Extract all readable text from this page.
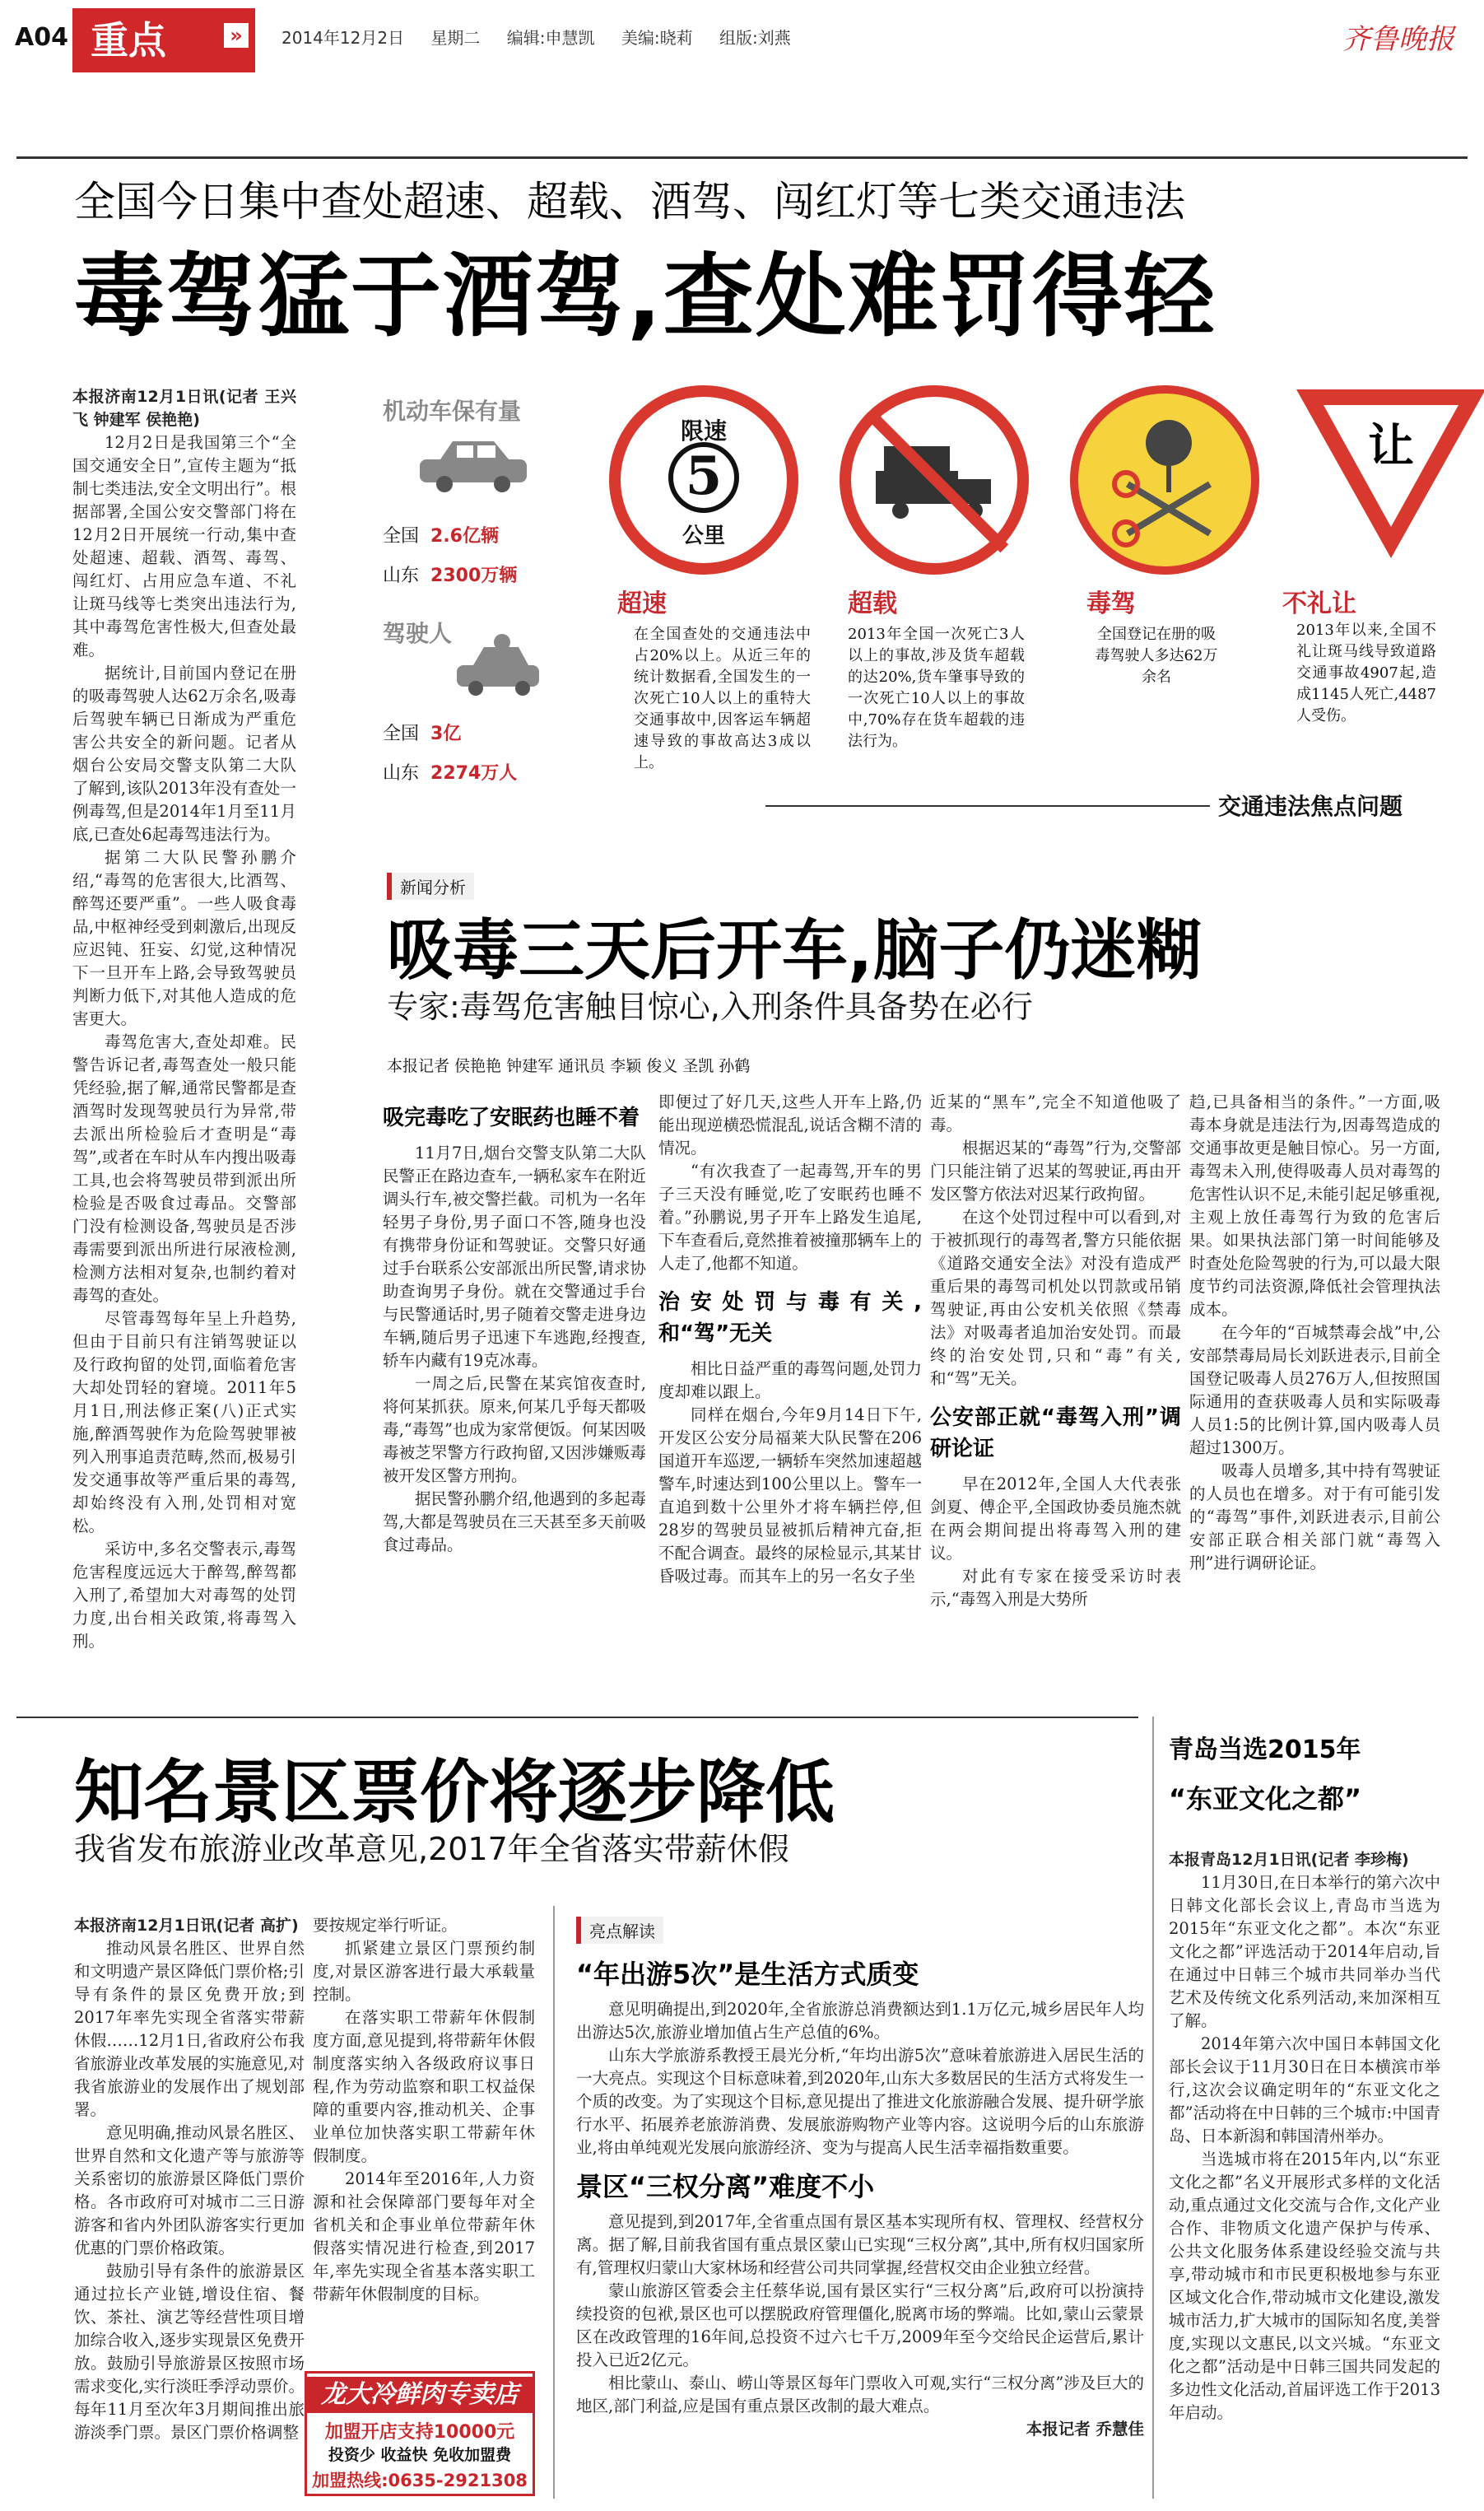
A04 重点	»	2014年12月2日 星期二 编辑:申慧凯 美编:晓莉 组版:刘燕	齐鲁晚报
全国今日集中查处超速、超载、酒驾、闯红灯等七类交通违法
毒驾猛于酒驾,查处难罚得轻
本报济南12月1日讯(记者 王兴飞 钟建军 侯艳艳)

12月2日是我国第三个“全国交通安全日”,宣传主题为“抵制七类违法,安全文明出行”。根据部署,全国公安交警部门将在12月2日开展统一行动,集中查处超速、超载、酒驾、毒驾、闯红灯、占用应急车道、不礼让斑马线等七类突出违法行为,其中毒驾危害性极大,但查处最难。

据统计,目前国内登记在册的吸毒驾驶人达62万余名,吸毒后驾驶车辆已日渐成为严重危害公共安全的新问题。记者从烟台公安局交警支队第二大队了解到,该队2013年没有查处一例毒驾,但是2014年1月至11月底,已查处6起毒驾违法行为。

据第二大队民警孙鹏介绍,“毒驾的危害很大,比酒驾、醉驾还要严重”。一些人吸食毒品,中枢神经受到刺激后,出现反应迟钝、狂妄、幻觉,这种情况下一旦开车上路,会导致驾驶员判断力低下,对其他人造成的危害更大。

毒驾危害大,查处却难。民警告诉记者,毒驾查处一般只能凭经验,据了解,通常民警都是查酒驾时发现驾驶员行为异常,带去派出所检验后才查明是“毒驾”,或者在车时从车内搜出吸毒工具,也会将驾驶员带到派出所检验是否吸食过毒品。交警部门没有检测设备,驾驶员是否涉毒需要到派出所进行尿液检测,检测方法相对复杂,也制约着对毒驾的查处。

尽管毒驾每年呈上升趋势,但由于目前只有注销驾驶证以及行政拘留的处罚,面临着危害大却处罚轻的窘境。2011年5月1日,刑法修正案(八)正式实施,醉酒驾驶作为危险驾驶罪被列入刑事追责范畴,然而,极易引发交通事故等严重后果的毒驾,却始终没有入刑,处罚相对宽松。

采访中,多名交警表示,毒驾危害程度远远大于醉驾,醉驾都入刑了,希望加大对毒驾的处罚力度,出台相关政策,将毒驾入刑。

机动车保有量
全国 2.6亿辆
山东 2300万辆
驾驶人
全国 3亿
山东 2274万人
限速
5
公里
超速
在全国查处的交通违法中占20%以上。从近三年的统计数据看,全国发生的一次死亡10人以上的重特大交通事故中,因客运车辆超速导致的事故高达3成以上。
超载
2013年全国一次死亡3人以上的事故,涉及货车超载的达20%,货车肇事导致的一次死亡10人以上的事故中,70%存在货车超载的违法行为。
毒驾
全国登记在册的吸毒驾驶人多达62万余名
让
不礼让
2013年以来,全国不礼让斑马线导致道路交通事故4907起,造成1145人死亡,4487人受伤。
交通违法焦点问题
新闻分析
吸毒三天后开车,脑子仍迷糊
专家:毒驾危害触目惊心,入刑条件具备势在必行
本报记者 侯艳艳 钟建军 通讯员 李颖 俊义 圣凯 孙鹤
吸完毒吃了安眠药也睡不着

11月7日,烟台交警支队第二大队民警正在路边查车,一辆私家车在附近调头行车,被交警拦截。司机为一名年轻男子身份,男子面口不答,随身也没有携带身份证和驾驶证。交警只好通过手台联系公安部派出所民警,请求协助查询男子身份。就在交警通过手台与民警通话时,男子随着交警走进身边车辆,随后男子迅速下车逃跑,经搜查,轿车内藏有19克冰毒。

一周之后,民警在某宾馆夜查时,将何某抓获。原来,何某几乎每天都吸毒,“毒驾”也成为家常便饭。何某因吸毒被芝罘警方行政拘留,又因涉嫌贩毒被开发区警方刑拘。

据民警孙鹏介绍,他遇到的多起毒驾,大都是驾驶员在三天甚至多天前吸食过毒品。

即便过了好几天,这些人开车上路,仍能出现逆横恐慌混乱,说话含糊不清的情况。

“有次我查了一起毒驾,开车的男子三天没有睡觉,吃了安眠药也睡不着。”孙鹏说,男子开车上路发生追尾,下车查看后,竟然推着被撞那辆车上的人走了,他都不知道。

治安处罚与毒有关,和“驾”无关

相比日益严重的毒驾问题,处罚力度却难以跟上。

同样在烟台,今年9月14日下午,开发区公安分局福莱大队民警在206国道开车巡逻,一辆轿车突然加速超越警车,时速达到100公里以上。警车一直追到数十公里外才将车辆拦停,但28岁的驾驶员显被抓后精神亢奋,拒不配合调查。最终的尿检显示,其某甘昏吸过毒。而其车上的另一名女子坐

近某的“黑车”,完全不知道他吸了毒。

根据迟某的“毒驾”行为,交警部门只能注销了迟某的驾驶证,再由开发区警方依法对迟某行政拘留。

在这个处罚过程中可以看到,对于被抓现行的毒驾者,警方只能依据《道路交通安全法》对没有造成严重后果的毒驾司机处以罚款或吊销驾驶证,再由公安机关依照《禁毒法》对吸毒者追加治安处罚。而最终的治安处罚,只和“毒”有关,和“驾”无关。

公安部正就“毒驾入刑”调研论证

早在2012年,全国人大代表张剑夏、傅企平,全国政协委员施杰就在两会期间提出将毒驾入刑的建议。

对此有专家在接受采访时表示,“毒驾入刑是大势所

趋,已具备相当的条件。”一方面,吸毒本身就是违法行为,因毒驾造成的交通事故更是触目惊心。另一方面,毒驾未入刑,使得吸毒人员对毒驾的危害性认识不足,未能引起足够重视,主观上放任毒驾行为致的危害后果。如果执法部门第一时间能够及时查处危险驾驶的行为,可以最大限度节约司法资源,降低社会管理执法成本。

在今年的“百城禁毒会战”中,公安部禁毒局局长刘跃进表示,目前全国登记吸毒人员276万人,但按照国际通用的查获吸毒人员和实际吸毒人员1:5的比例计算,国内吸毒人员超过1300万。

吸毒人员增多,其中持有驾驶证的人员也在增多。对于有可能引发的“毒驾”事件,刘跃进表示,目前公安部正联合相关部门就“毒驾入刑”进行调研论证。

知名景区票价将逐步降低
我省发布旅游业改革意见,2017年全省落实带薪休假
本报济南12月1日讯(记者 高扩)

推动风景名胜区、世界自然和文明遗产景区降低门票价格;引导有条件的景区免费开放;到2017年率先实现全省落实带薪休假……12月1日,省政府公布我省旅游业改革发展的实施意见,对我省旅游业的发展作出了规划部署。

意见明确,推动风景名胜区、世界自然和文化遗产等与旅游等关系密切的旅游景区降低门票价格。各市政府可对城市二三日游游客和省内外团队游客实行更加优惠的门票价格政策。

鼓励引导有条件的旅游景区通过拉长产业链,增设住宿、餐饮、茶社、演艺等经营性项目增加综合收入,逐步实现景区免费开放。鼓励引导旅游景区按照市场需求变化,实行淡旺季浮动票价。每年11月至次年3月期间推出旅游淡季门票。景区门票价格调整

要按规定举行听证。

抓紧建立景区门票预约制度,对景区游客进行最大承载量控制。

在落实职工带薪年休假制度方面,意见提到,将带薪年休假制度落实纳入各级政府议事日程,作为劳动监察和职工权益保障的重要内容,推动机关、企事业单位加快落实职工带薪年休假制度。

2014年至2016年,人力资源和社会保障部门要每年对全省机关和企事业单位带薪年休假落实情况进行检查,到2017年,率先实现全省基本落实职工带薪年休假制度的目标。

龙大冷鲜肉专卖店
加盟开店支持10000元
投资少 收益快 免收加盟费
加盟热线:0635-2921308
亮点解读
“年出游5次”是生活方式质变

意见明确提出,到2020年,全省旅游总消费额达到1.1万亿元,城乡居民年人均出游达5次,旅游业增加值占生产总值的6%。

山东大学旅游系教授王晨光分析,“年均出游5次”意味着旅游进入居民生活的一大亮点。实现这个目标意味着,到2020年,山东大多数居民的生活方式将发生一个质的改变。为了实现这个目标,意见提出了推进文化旅游融合发展、提升研学旅行水平、拓展养老旅游消费、发展旅游购物产业等内容。这说明今后的山东旅游业,将由单纯观光发展向旅游经济、变为与提高人民生活幸福指数重要。

景区“三权分离”难度不小

意见提到,到2017年,全省重点国有景区基本实现所有权、管理权、经营权分离。据了解,目前我省国有重点景区蒙山已实现“三权分离”,其中,所有权归国家所有,管理权归蒙山大家林场和经营公司共同掌握,经营权交由企业独立经营。

蒙山旅游区管委会主任蔡华说,国有景区实行“三权分离”后,政府可以扮演持续投资的包袱,景区也可以摆脱政府管理僵化,脱离市场的弊端。比如,蒙山云蒙景区在改政管理的16年间,总投资不过六七千万,2009年至今交给民企运营后,累计投入已近2亿元。

相比蒙山、泰山、崂山等景区每年门票收入可观,实行“三权分离”涉及巨大的地区,部门利益,应是国有重点景区改制的最大难点。

本报记者 乔慧佳
青岛当选2015年
“东亚文化之都”
本报青岛12月1日讯(记者 李珍梅)

11月30日,在日本举行的第六次中日韩文化部长会议上,青岛市当选为2015年“东亚文化之都”。本次“东亚文化之都”评选活动于2014年启动,旨在通过中日韩三个城市共同举办当代艺术及传统文化系列活动,来加深相互了解。

2014年第六次中国日本韩国文化部长会议于11月30日在日本横滨市举行,这次会议确定明年的“东亚文化之都”活动将在中日韩的三个城市:中国青岛、日本新潟和韩国清州举办。

当选城市将在2015年内,以“东亚文化之都”名义开展形式多样的文化活动,重点通过文化交流与合作,文化产业合作、非物质文化遗产保护与传承、公共文化服务体系建设经验交流与共享,带动城市和市民更积极地参与东亚区域文化合作,带动城市文化建设,激发城市活力,扩大城市的国际知名度,美誉度,实现以文惠民,以文兴城。“东亚文化之都”活动是中日韩三国共同发起的多边性文化活动,首届评选工作于2013年启动。
